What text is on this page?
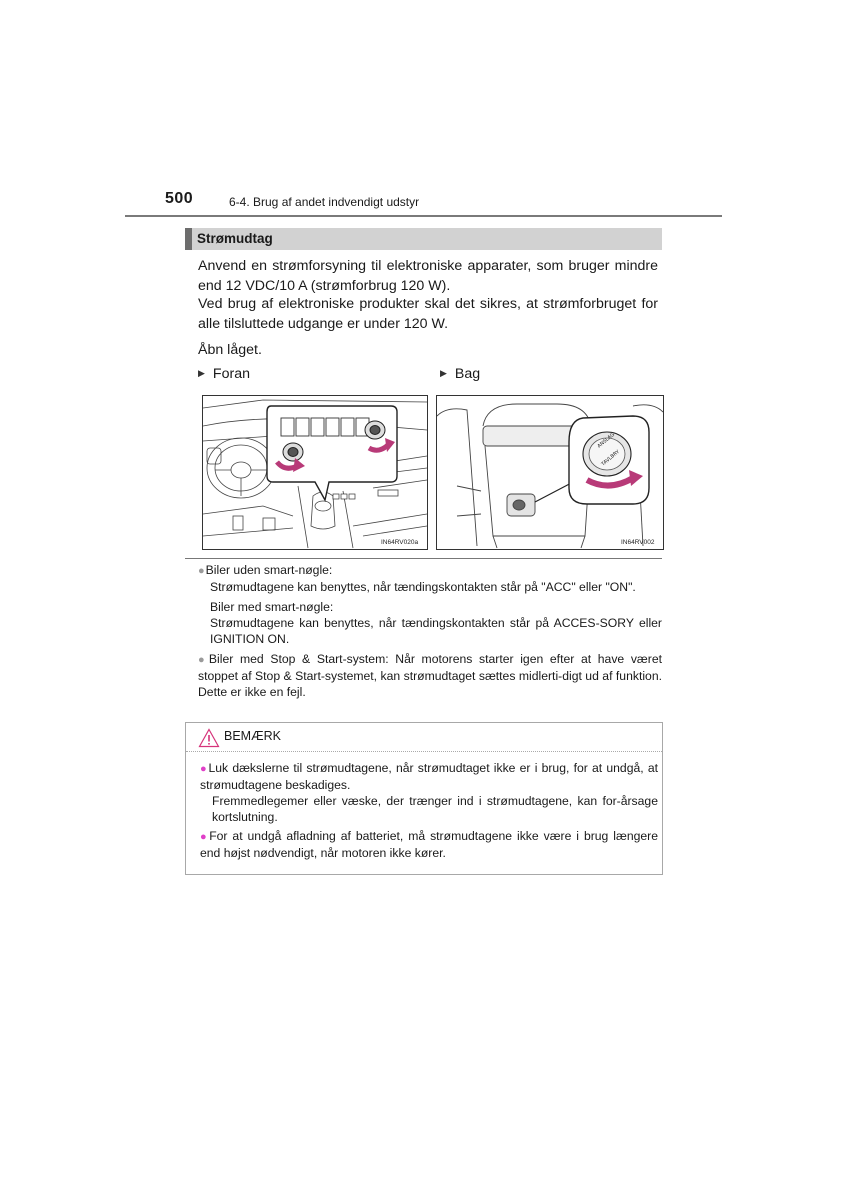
500	6-4. Brug af andet indvendigt udstyr
Strømudtag
Anvend en strømforsyning til elektroniske apparater, som bruger mindre end 12 VDC/10 A (strømforbrug 120 W).
Ved brug af elektroniske produkter skal det sikres, at strømforbruget for alle tilsluttede udgange er under 120 W.
Åbn låget.
▶ Foran	▶ Bag
IN64RV020a
ANSLAG
TAVLBRY
IN64RV002
●Biler uden smart-nøgle:
Strømudtagene kan benyttes, når tændingskontakten står på "ACC" eller "ON".
Biler med smart-nøgle:
Strømudtagene kan benyttes, når tændingskontakten står på ACCES-SORY eller IGNITION ON.
●Biler med Stop & Start-system: Når motorens starter igen efter at have været stoppet af Stop & Start-systemet, kan strømudtaget sættes midlerti-digt ud af funktion. Dette er ikke en fejl.
BEMÆRK
●Luk dækslerne til strømudtagene, når strømudtaget ikke er i brug, for at undgå, at strømudtagene beskadiges.
Fremmedlegemer eller væske, der trænger ind i strømudtagene, kan for-årsage kortslutning.
●For at undgå afladning af batteriet, må strømudtagene ikke være i brug længere end højst nødvendigt, når motoren ikke kører.
